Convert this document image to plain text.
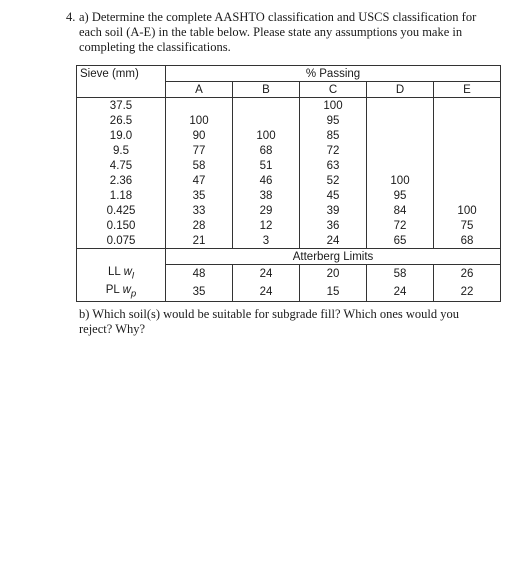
4. a) Determine the complete AASHTO classification and USCS classification for
each soil (A-E) in the table below. Please state any assumptions you make in
completing the classifications.
Sieve (mm)	% Passing				
	A	B	C	D	E
37.5			100		
26.5	100		95		
19.0	90	100	85		
9.5	77	68	72		
4.75	58	51	63		
2.36	47	46	52	100	
1.18	35	38	45	95	
0.425	33	29	39	84	100
0.150	28	12	36	72	75
0.075	21	3	24	65	68
	Atterberg Limits				
LL $w_l$	48	24	20	58	26
PL $w_p$	35	24	15	24	22
b) Which soil(s) would be suitable for subgrade fill? Which ones would you
reject? Why?
